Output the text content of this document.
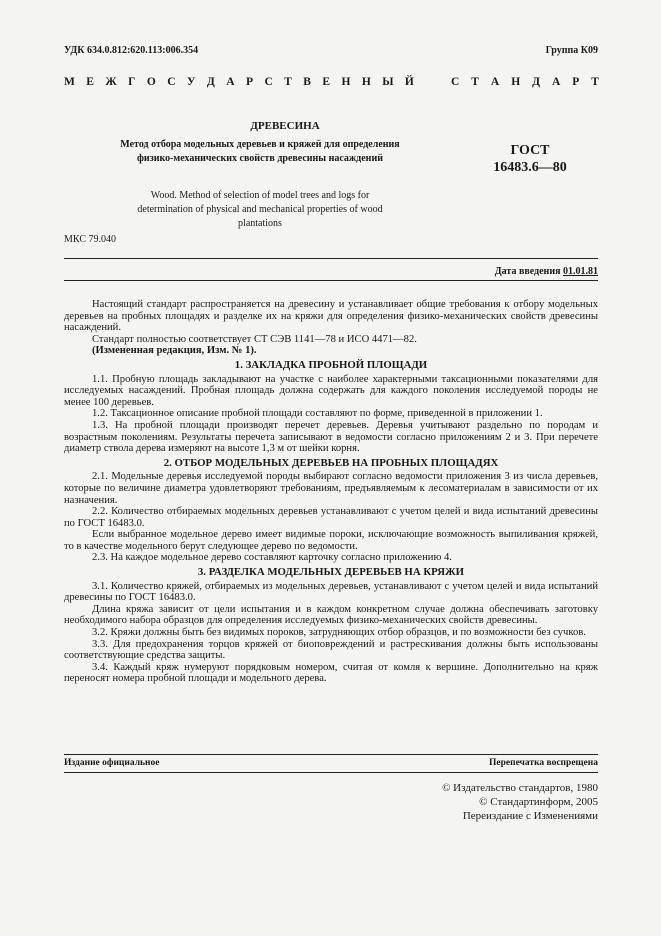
УДК 634.0.812:620.113:006.354	Группа К09
М Е Ж Г О С У Д А Р С Т В Е Н Н Ы Й	С Т А Н Д А Р Т
ДРЕВЕСИНА
Метод отбора модельных деревьев и кряжей для определения физико-механических свойств древесины насаждений
ГОСТ
16483.6—80
Wood. Method of selection of model trees and logs for determination of physical and mechanical properties of wood plantations
МКС 79.040
Дата введения 01.01.81

Настоящий стандарт распространяется на древесину и устанавливает общие требования к отбору модельных деревьев на пробных площадях и разделке их на кряжи для определения физико-механических свойств древесины насаждений.

Стандарт полностью соответствует СТ СЭВ 1141—78 и ИСО 4471—82.

(Измененная редакция, Изм. № 1).

1. ЗАКЛАДКА ПРОБНОЙ ПЛОЩАДИ

1.1. Пробную площадь закладывают на участке с наиболее характерными таксационными показателями для исследуемых насаждений. Пробная площадь должна содержать для каждого поколения исследуемой породы не менее 100 деревьев.

1.2. Таксационное описание пробной площади составляют по форме, приведенной в приложении 1.

1.3. На пробной площади производят перечет деревьев. Деревья учитывают раздельно по породам и возрастным поколениям. Результаты перечета записывают в ведомости согласно приложениям 2 и 3. При перечете диаметр ствола дерева измеряют на высоте 1,3 м от шейки корня.

2. ОТБОР МОДЕЛЬНЫХ ДЕРЕВЬЕВ НА ПРОБНЫХ ПЛОЩАДЯХ

2.1. Модельные деревья исследуемой породы выбирают согласно ведомости приложения 3 из числа деревьев, которые по величине диаметра удовлетворяют требованиям, предъявляемым к лесоматериалам в зависимости от их назначения.

2.2. Количество отбираемых модельных деревьев устанавливают с учетом целей и вида испытаний древесины по ГОСТ 16483.0.

Если выбранное модельное дерево имеет видимые пороки, исключающие возможность выпиливания кряжей, то в качестве модельного берут следующее дерево по ведомости.

2.3. На каждое модельное дерево составляют карточку согласно приложению 4.

3. РАЗДЕЛКА МОДЕЛЬНЫХ ДЕРЕВЬЕВ НА КРЯЖИ

3.1. Количество кряжей, отбираемых из модельных деревьев, устанавливают с учетом целей и вида испытаний древесины по ГОСТ 16483.0.

Длина кряжа зависит от цели испытания и в каждом конкретном случае должна обеспечивать заготовку необходимого набора образцов для определения исследуемых физико-механических свойств древесины.

3.2. Кряжи должны быть без видимых пороков, затрудняющих отбор образцов, и по возможности без сучков.

3.3. Для предохранения торцов кряжей от биоповреждений и растрескивания должны быть использованы соответствующие средства защиты.

3.4. Каждый кряж нумеруют порядковым номером, считая от комля к вершине. Дополнительно на кряж переносят номера пробной площади и модельного дерева.

Издание официальное	Перепечатка воспрещена
© Издательство стандартов, 1980
© Стандартинформ, 2005
Переиздание с Изменениями
